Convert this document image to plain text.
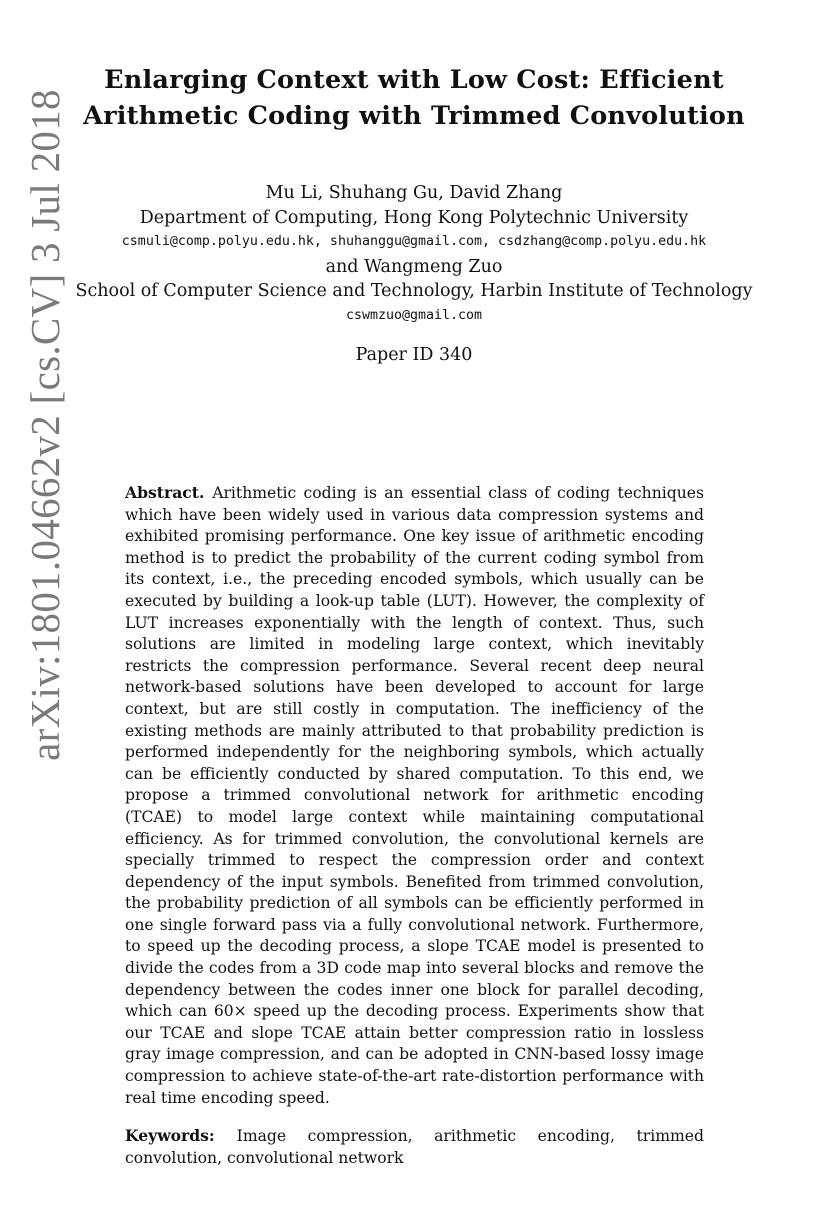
arXiv:1801.04662v2 [cs.CV] 3 Jul 2018
Enlarging Context with Low Cost: Efficient
Arithmetic Coding with Trimmed Convolution
Mu Li, Shuhang Gu, David Zhang
Department of Computing, Hong Kong Polytechnic University
csmuli@comp.polyu.edu.hk, shuhanggu@gmail.com, csdzhang@comp.polyu.edu.hk
and Wangmeng Zuo
School of Computer Science and Technology, Harbin Institute of Technology
cswmzuo@gmail.com
Paper ID 340
Abstract. Arithmetic coding is an essential class of coding techniques which have been widely used in various data compression systems and exhibited promising performance. One key issue of arithmetic encoding method is to predict the probability of the current coding symbol from its context, i.e., the preceding encoded symbols, which usually can be executed by building a look-up table (LUT). However, the complexity of LUT increases exponentially with the length of context. Thus, such solutions are limited in modeling large context, which inevitably restricts the compression performance. Several recent deep neural network-based solutions have been developed to account for large context, but are still costly in computation. The inefficiency of the existing methods are mainly attributed to that probability prediction is performed independently for the neighboring symbols, which actually can be efficiently conducted by shared computation. To this end, we propose a trimmed convolutional network for arithmetic encoding (TCAE) to model large context while maintaining computational efficiency. As for trimmed convolution, the convolutional kernels are specially trimmed to respect the compression order and context dependency of the input symbols. Benefited from trimmed convolution, the probability prediction of all symbols can be efficiently performed in one single forward pass via a fully convolutional network. Furthermore, to speed up the decoding process, a slope TCAE model is presented to divide the codes from a 3D code map into several blocks and remove the dependency between the codes inner one block for parallel decoding, which can 60× speed up the decoding process. Experiments show that our TCAE and slope TCAE attain better compression ratio in lossless gray image compression, and can be adopted in CNN-based lossy image compression to achieve state-of-the-art rate-distortion performance with real time encoding speed.
Keywords: Image compression, arithmetic encoding, trimmed convolution, convolutional network
